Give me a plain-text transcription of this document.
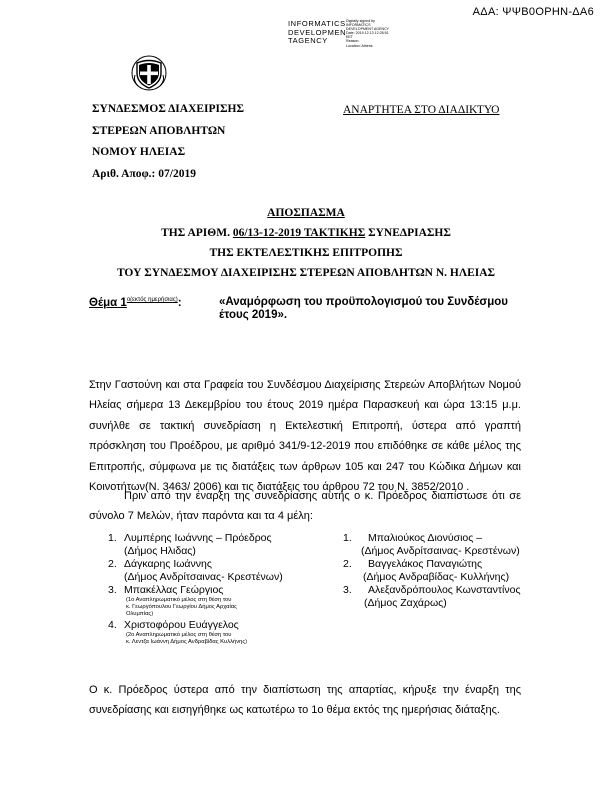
ΑΔΑ: ΨΨΒ0ΟΡΗΝ-ΔΑ6
INFORMATICS
DEVELOPMEN
TAGENCY
Digitally signed by
INFORMATICS
DEVELOPMENT AGENCY
Date: 2019.12.13 12:28:51
EET
Reason:
Location: Athens
ΣΥΝΔΕΣΜΟΣ ΔΙΑΧΕΙΡΙΣΗΣ
ΣΤΕΡΕΩΝ ΑΠΟΒΛΗΤΩΝ
ΝΟΜΟΥ ΗΛΕΙΑΣ
Αριθ. Αποφ.: 07/2019
ΑΝΑΡΤΗΤΕΑ ΣΤΟ ΔΙΑΔΙΚΤΥΟ
ΑΠΟΣΠΑΣΜΑ
ΤΗΣ ΑΡΙΘΜ. 06/13-12-2019 ΤΑΚΤΙΚΗΣ ΣΥΝΕΔΡΙΑΣΗΣ
ΤΗΣ ΕΚΤΕΛΕΣΤΙΚΗΣ ΕΠΙΤΡΟΠΗΣ
ΤΟΥ ΣΥΝΔΕΣΜΟΥ ΔΙΑΧΕΙΡΙΣΗΣ ΣΤΕΡΕΩΝ ΑΠΟΒΛΗΤΩΝ Ν. ΗΛΕΙΑΣ
Θέμα $1^{o(\varepsilon\kappa\tau ό\varsigma \eta\mu\varepsilon\rho ή\sigma\iota\alpha\varsigma)}$:	«Αναμόρφωση του προϋπολογισμού του Συνδέσμου έτους 2019».
Στην Γαστούνη και στα Γραφεία του Συνδέσμου Διαχείρισης Στερεών Αποβλήτων Νομού Ηλείας σήμερα 13 Δεκεμβρίου του έτους 2019 ημέρα Παρασκευή και ώρα 13:15 μ.μ. συνήλθε σε τακτική συνεδρίαση η Εκτελεστική Επιτροπή, ύστερα από γραπτή πρόσκληση του Προέδρου, με αριθμό 341/9-12-2019 που επιδόθηκε σε κάθε μέλος της Επιτροπής, σύμφωνα με τις διατάξεις των άρθρων 105 και 247 του Κώδικα Δήμων και Κοινοτήτων(Ν. 3463/ 2006) και τις διατάξεις του άρθρου 72 του Ν. 3852/2010 .
Πριν από την έναρξη της συνεδρίασης αυτής ο κ. Πρόεδρος διαπίστωσε ότι σε σύνολο 7 Μελών, ήταν παρόντα και τα 4 μέλη:
1. Λυμπέρης Ιωάννης – Πρόεδρος
(Δήμος Ηλιδας)
2. Δάγκαρης Ιωάννης
(Δήμος Ανδρίτσαινας- Κρεστένων)
3. Μπακέλλας Γεώργιος
(1ο Αναπληρωματικό μέλος στη θέση του
κ. Γεωργόπουλου Γεωργίου Δήμος Αρχαίας
Ολυμπίας)
4. Χριστοφόρου Ευάγγελος
(2ο Αναπληρωματικό μέλος στη θέση του
κ. Λεντζα Ιωάννη Δήμος Ανδραβίδας Κυλλήνης)
1. Μπαλιούκος Διονύσιος –
(Δήμος Ανδρίτσαινας- Κρεστένων)
2. Βαγγελάκος Παναγιώτης
(Δήμος Ανδραβίδας- Κυλλήνης)
3. Αλεξανδρόπουλος Κωνσταντίνος
(Δήμος Ζαχάρως)
Ο κ. Πρόεδρος ύστερα από την διαπίστωση της απαρτίας, κήρυξε την έναρξη της συνεδρίασης και εισηγήθηκε ως κατωτέρω το 1ο θέμα εκτός της ημερήσιας διάταξης.
